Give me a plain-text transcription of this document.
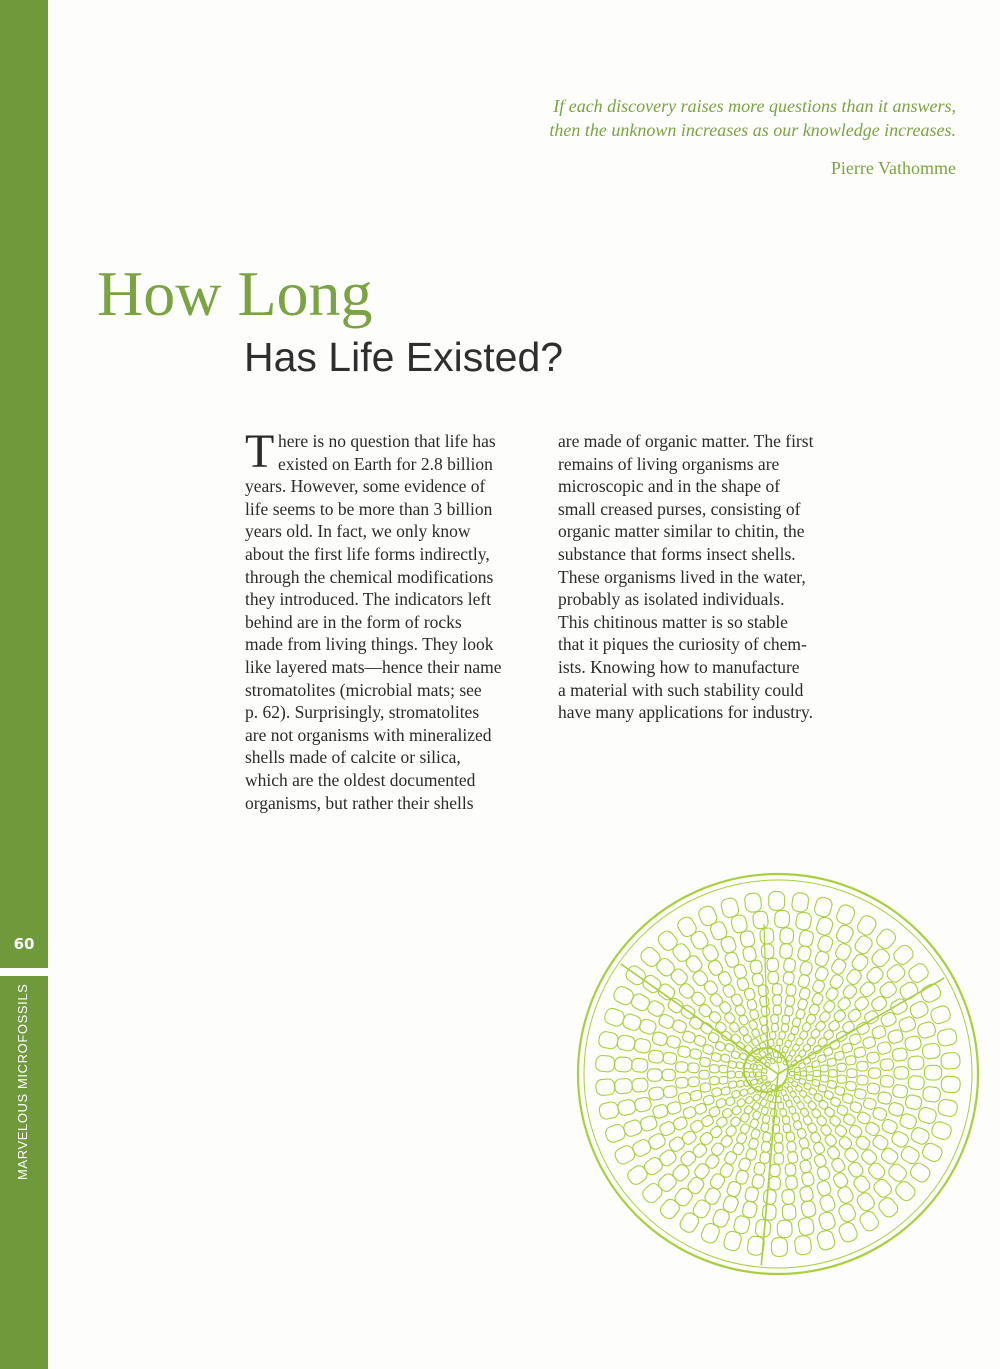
60
MARVELOUS MICROFOSSILS
If each discovery raises more questions than it answers,
then the unknown increases as our knowledge increases.
Pierre Vathomme
How Long
Has Life Existed?
T here is no question that life has
existed on Earth for 2.8 billion
years. However, some evidence of
life seems to be more than 3 billion
years old. In fact, we only know
about the first life forms indirectly,
through the chemical modifications
they introduced. The indicators left
behind are in the form of rocks
made from living things. They look
like layered mats—hence their name
stromatolites (microbial mats; see
p. 62). Surprisingly, stromatolites
are not organisms with mineralized
shells made of calcite or silica,
which are the oldest documented
organisms, but rather their shells
are made of organic matter. The first
remains of living organisms are
microscopic and in the shape of
small creased purses, consisting of
organic matter similar to chitin, the
substance that forms insect shells.
These organisms lived in the water,
probably as isolated individuals.
This chitinous matter is so stable
that it piques the curiosity of chem-
ists. Knowing how to manufacture
a material with such stability could
have many applications for industry.
